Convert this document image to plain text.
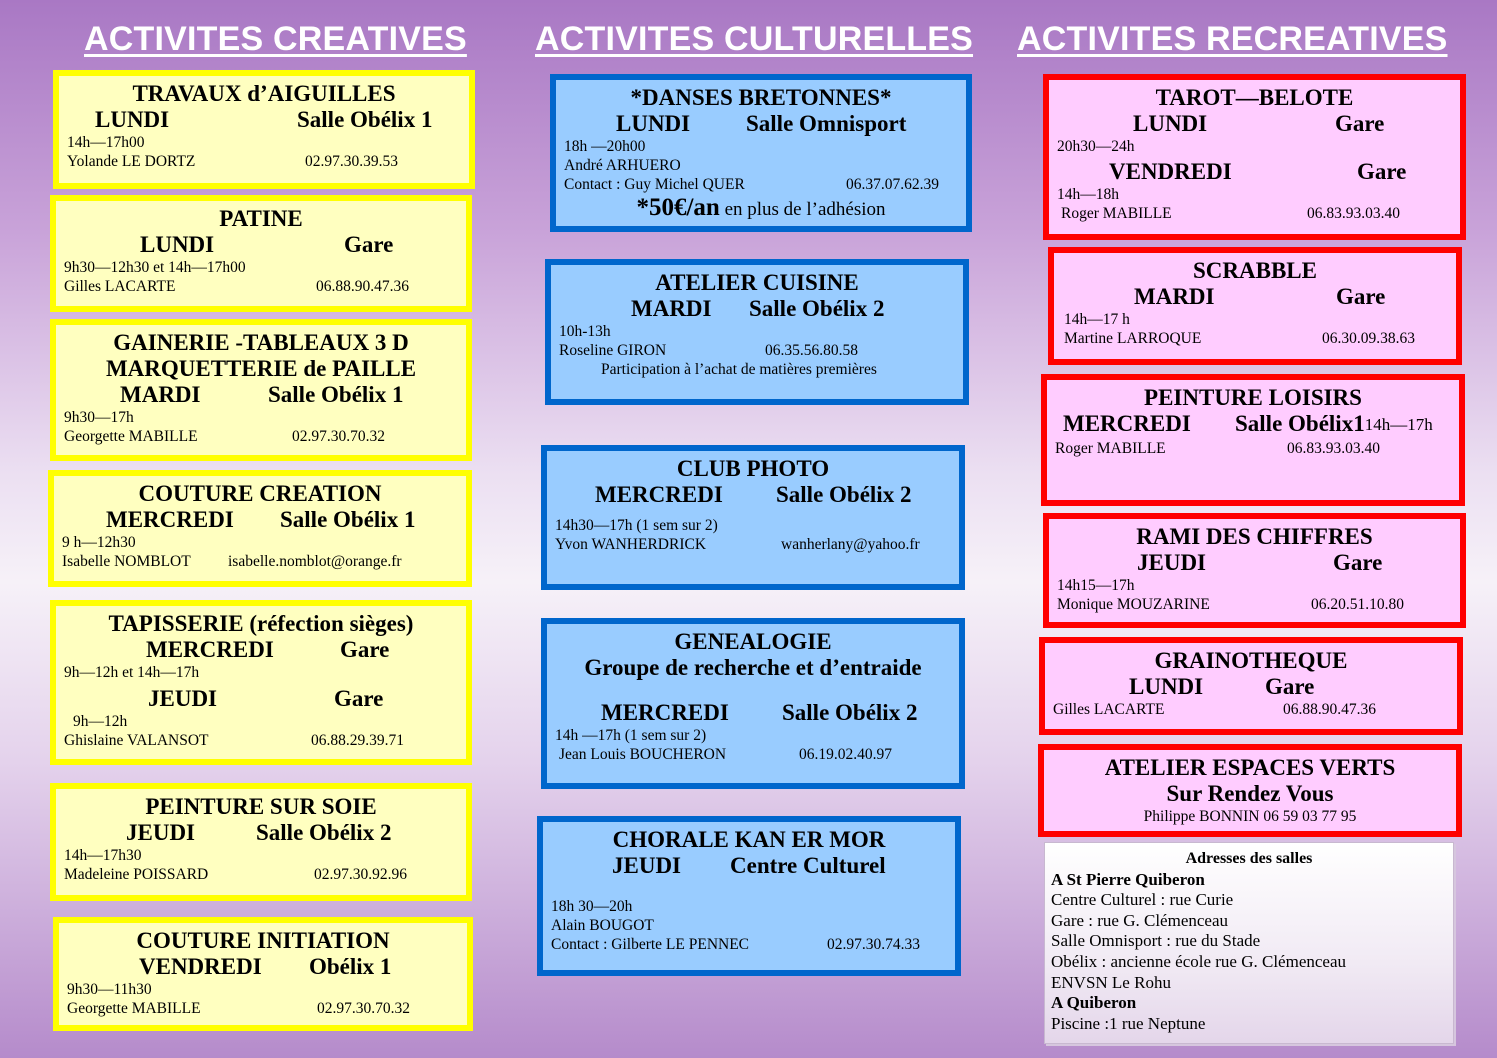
ACTIVITES CREATIVES ACTIVITES CULTURELLES ACTIVITES RECREATIVES
TRAVAUX d’AIGUILLES
LUNDI	Salle Obélix 1
14h—17h00
Yolande LE DORTZ	02.97.30.39.53
PATINE
LUNDI	Gare
9h30—12h30 et 14h—17h00
Gilles LACARTE	06.88.90.47.36
GAINERIE -TABLEAUX 3 D
MARQUETTERIE de PAILLE
MARDI	Salle Obélix 1
9h30—17h
Georgette MABILLE	02.97.30.70.32
COUTURE CREATION
MERCREDI	Salle Obélix 1
9 h—12h30
Isabelle NOMBLOT	isabelle.nomblot@orange.fr
TAPISSERIE (réfection sièges)
MERCREDI	Gare
9h—12h et 14h—17h
JEUDI	Gare
9h—12h
Ghislaine VALANSOT	06.88.29.39.71
PEINTURE SUR SOIE
JEUDI	Salle Obélix 2
14h—17h30
Madeleine POISSARD	02.97.30.92.96
COUTURE INITIATION
VENDREDI	Obélix 1
9h30—11h30
Georgette MABILLE	02.97.30.70.32
*DANSES BRETONNES*
LUNDI	Salle Omnisport
18h —20h00
André ARHUERO
Contact : Guy Michel QUER	06.37.07.62.39
*50€/an en plus de l’adhésion
ATELIER CUISINE
MARDI	Salle Obélix 2
10h-13h
Roseline GIRON	06.35.56.80.58
Participation à l’achat de matières premières
CLUB PHOTO
MERCREDI	Salle Obélix 2
14h30—17h (1 sem sur 2)
Yvon WANHERDRICK	wanherlany@yahoo.fr
GENEALOGIE
Groupe de recherche et d’entraide
MERCREDI	Salle Obélix 2
14h —17h (1 sem sur 2)
Jean Louis BOUCHERON	06.19.02.40.97
CHORALE KAN ER MOR
JEUDI	Centre Culturel
18h 30—20h
Alain BOUGOT
Contact : Gilberte LE PENNEC	02.97.30.74.33
TAROT—BELOTE
LUNDI	Gare
20h30—24h
VENDREDI	Gare
14h—18h
Roger MABILLE	06.83.93.03.40
SCRABBLE
MARDI	Gare
14h—17 h
Martine LARROQUE	06.30.09.38.63
PEINTURE LOISIRS
MERCREDI	Salle Obélix1 14h—17h
Roger MABILLE	06.83.93.03.40
RAMI DES CHIFFRES
JEUDI	Gare
14h15—17h
Monique MOUZARINE	06.20.51.10.80
GRAINOTHEQUE
LUNDI	Gare
Gilles LACARTE	06.88.90.47.36
ATELIER ESPACES VERTS
Sur Rendez Vous
Philippe BONNIN 06 59 03 77 95
Adresses des salles
A St Pierre Quiberon
Centre Culturel : rue Curie
Gare : rue G. Clémenceau
Salle Omnisport : rue du Stade
Obélix : ancienne école rue G. Clémenceau
ENVSN Le Rohu
A Quiberon
Piscine :1 rue Neptune
